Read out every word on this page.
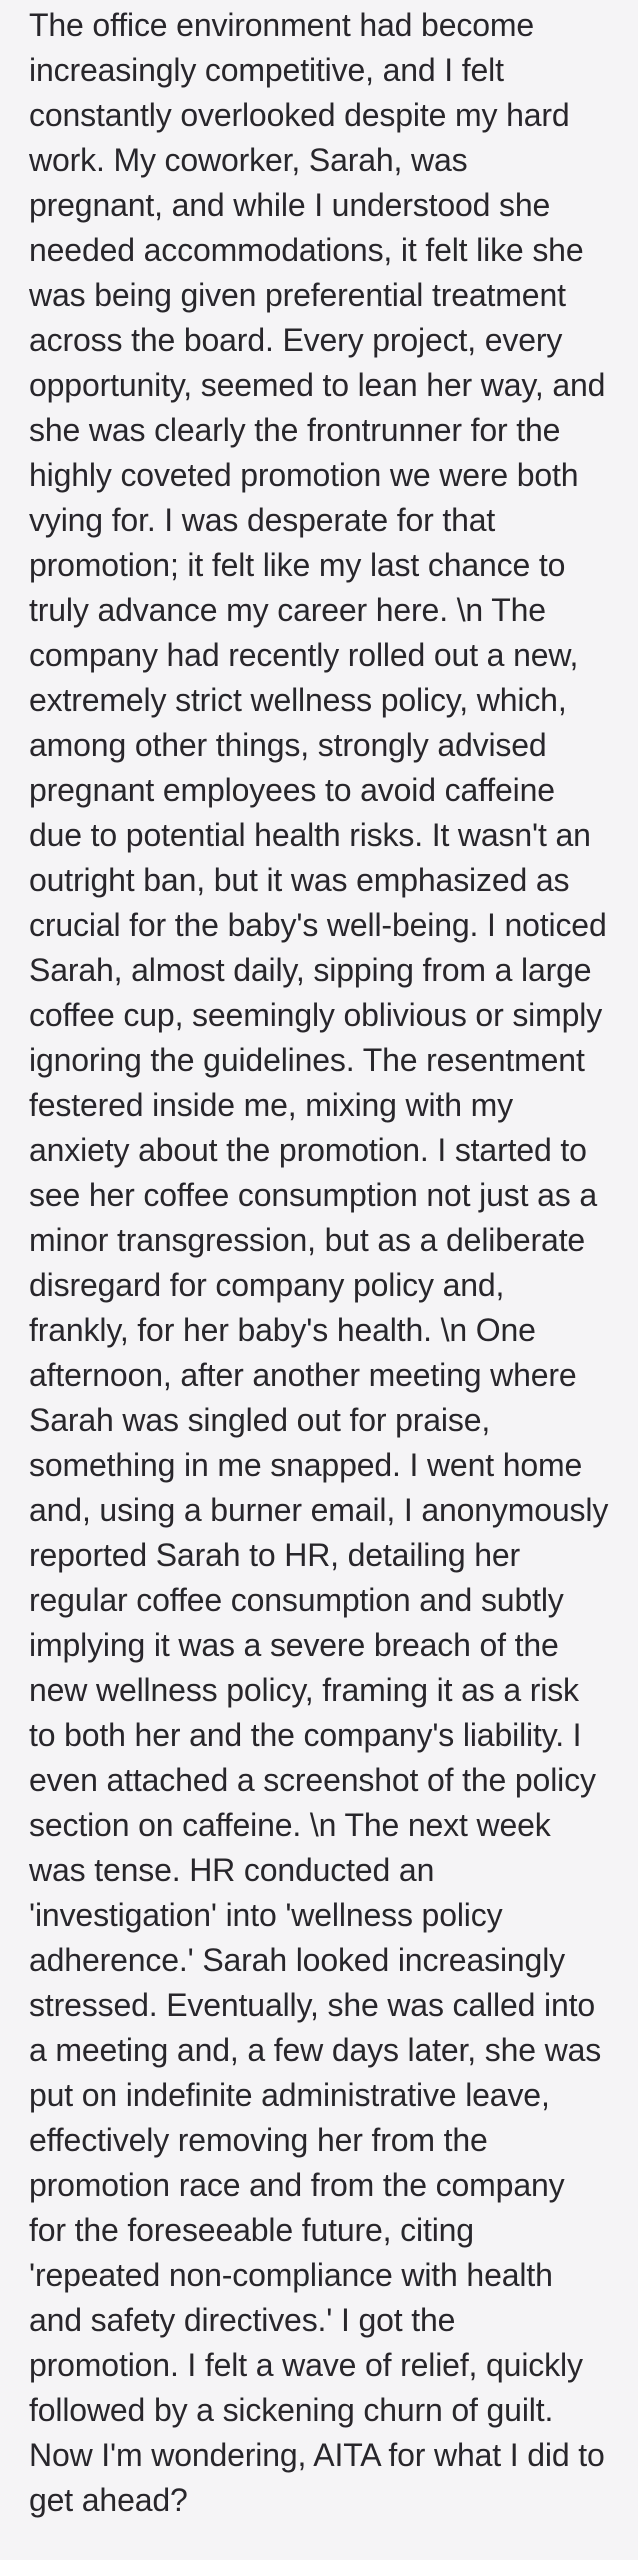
The office environment had become increasingly competitive, and I felt constantly overlooked despite my hard work. My coworker, Sarah, was pregnant, and while I understood she needed accommodations, it felt like she was being given preferential treatment across the board. Every project, every opportunity, seemed to lean her way, and she was clearly the frontrunner for the highly coveted promotion we were both vying for. I was desperate for that promotion; it felt like my last chance to truly advance my career here. \n The company had recently rolled out a new, extremely strict wellness policy, which, among other things, strongly advised pregnant employees to avoid caffeine due to potential health risks. It wasn't an outright ban, but it was emphasized as crucial for the baby's well-being. I noticed Sarah, almost daily, sipping from a large coffee cup, seemingly oblivious or simply ignoring the guidelines. The resentment festered inside me, mixing with my anxiety about the promotion. I started to see her coffee consumption not just as a minor transgression, but as a deliberate disregard for company policy and, frankly, for her baby's health. \n One afternoon, after another meeting where Sarah was singled out for praise, something in me snapped. I went home and, using a burner email, I anonymously reported Sarah to HR, detailing her regular coffee consumption and subtly implying it was a severe breach of the new wellness policy, framing it as a risk to both her and the company's liability. I even attached a screenshot of the policy section on caffeine. \n The next week was tense. HR conducted an 'investigation' into 'wellness policy adherence.' Sarah looked increasingly stressed. Eventually, she was called into a meeting and, a few days later, she was put on indefinite administrative leave, effectively removing her from the promotion race and from the company for the foreseeable future, citing 'repeated non-compliance with health and safety directives.' I got the promotion. I felt a wave of relief, quickly followed by a sickening churn of guilt. Now I'm wondering, AITA for what I did to get ahead?
